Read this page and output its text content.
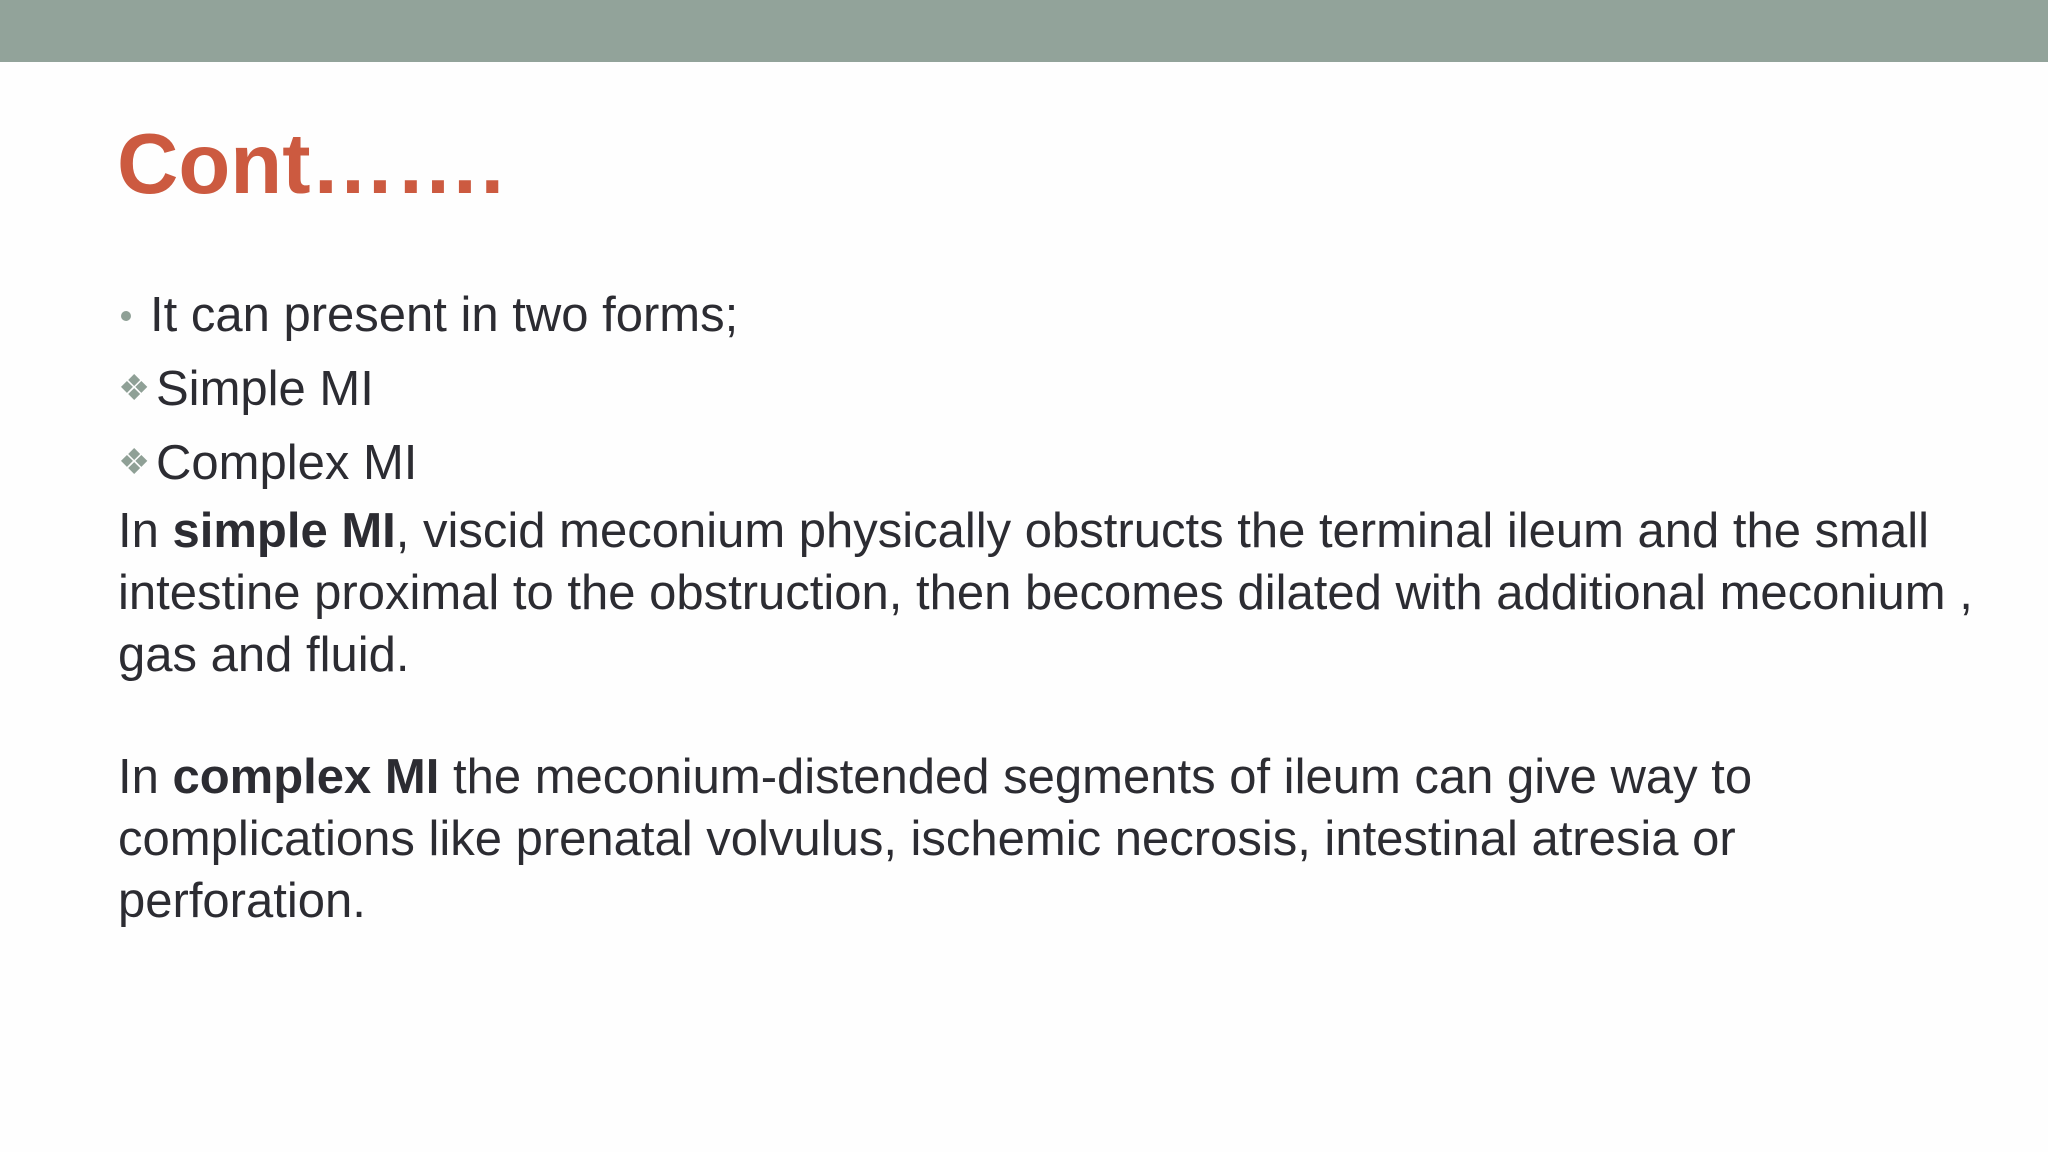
Cont…….
It can present in two forms;
❖ Simple MI
❖ Complex MI

In simple MI, viscid meconium physically obstructs the terminal ileum and the small intestine proximal to the obstruction, then becomes dilated with additional meconium , gas and fluid.

In complex MI the meconium-distended segments of ileum can give way to complications like prenatal volvulus, ischemic necrosis, intestinal atresia or perforation.
